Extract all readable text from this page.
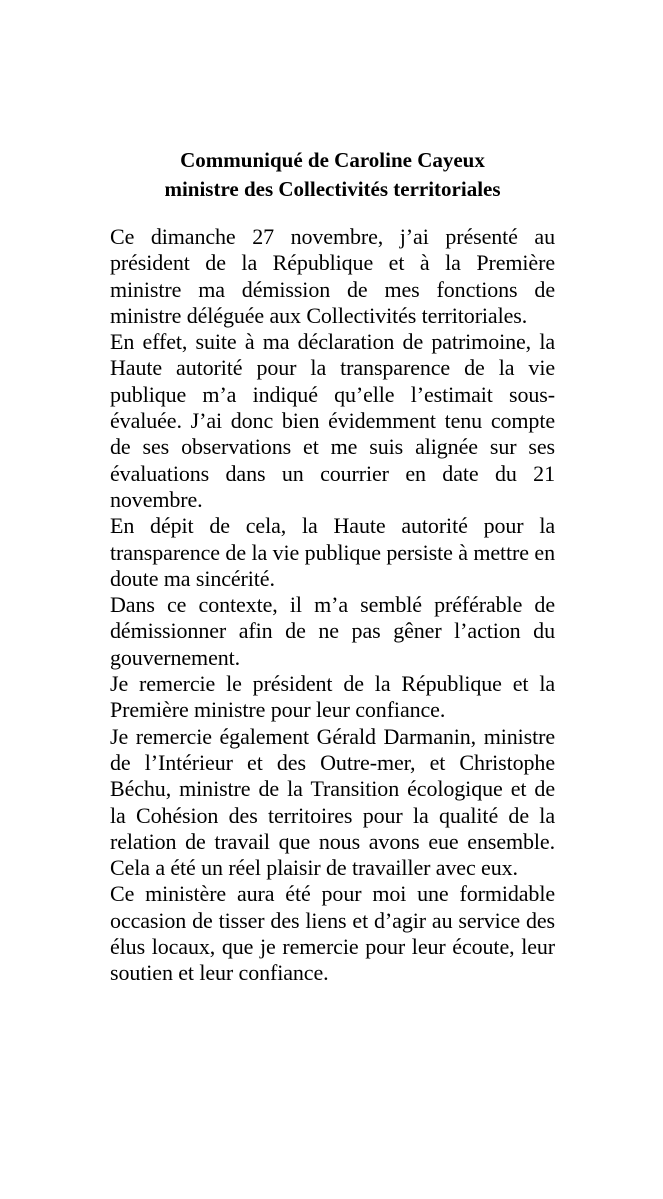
Communiqué de Caroline Cayeux
ministre des Collectivités territoriales

Ce dimanche 27 novembre, j’ai présenté au président de la République et à la Première ministre ma démission de mes fonctions de ministre déléguée aux Collectivités territoriales.

En effet, suite à ma déclaration de patrimoine, la Haute autorité pour la transparence de la vie publique m’a indiqué qu’elle l’estimait sous-évaluée. J’ai donc bien évidemment tenu compte de ses observations et me suis alignée sur ses évaluations dans un courrier en date du 21 novembre.

En dépit de cela, la Haute autorité pour la transparence de la vie publique persiste à mettre en doute ma sincérité.

Dans ce contexte, il m’a semblé préférable de démissionner afin de ne pas gêner l’action du gouvernement.

Je remercie le président de la République et la Première ministre pour leur confiance.

Je remercie également Gérald Darmanin, ministre de l’Intérieur et des Outre-mer, et Christophe Béchu, ministre de la Transition écologique et de la Cohésion des territoires pour la qualité de la relation de travail que nous avons eue ensemble. Cela a été un réel plaisir de travailler avec eux.

Ce ministère aura été pour moi une formidable occasion de tisser des liens et d’agir au service des élus locaux, que je remercie pour leur écoute, leur soutien et leur confiance.
